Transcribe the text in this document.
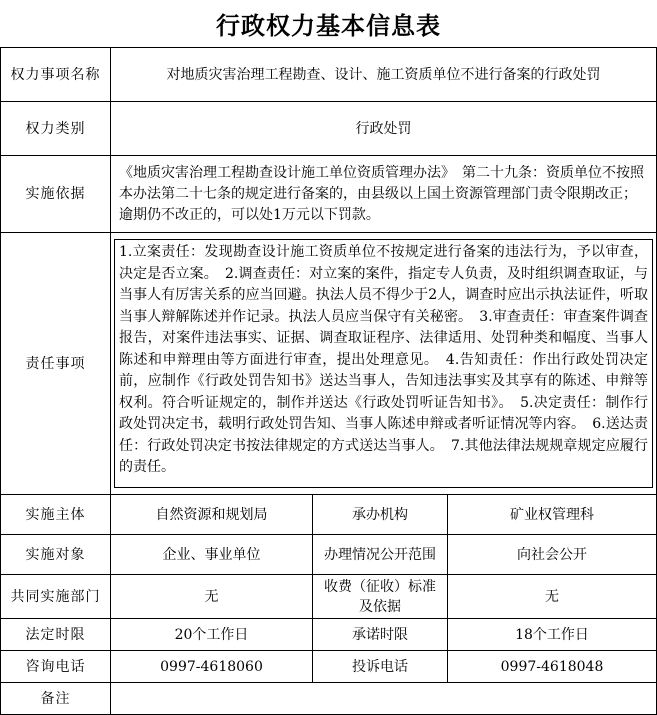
行政权力基本信息表
权力事项名称	对地质灾害治理工程勘查、设计、施工资质单位不进行备案的行政处罚		
权力类别	行政处罚		
实施依据	《地质灾害治理工程勘查设计施工单位资质管理办法》　第二十九条：资质单位不按照本办法第二十七条的规定进行备案的，由县级以上国土资源管理部门责令限期改正；逾期仍不改正的，可以处1万元以下罚款。		
责任事项	1.立案责任：发现勘查设计施工资质单位不按规定进行备案的违法行为，予以审查，决定是否立案。　2.调查责任：对立案的案件，指定专人负责，及时组织调查取证，与当事人有厉害关系的应当回避。执法人员不得少于2人，调查时应出示执法证件，听取当事人辩解陈述并作记录。执法人员应当保守有关秘密。　3.审查责任：审查案件调查报告，对案件违法事实、证据、调查取证程序、法律适用、处罚种类和幅度、当事人陈述和申辩理由等方面进行审查，提出处理意见。　4.告知责任：作出行政处罚决定前，应制作《行政处罚告知书》送达当事人，告知违法事实及其享有的陈述、申辩等权利。符合听证规定的，制作并送达《行政处罚听证告知书》。　5.决定责任：制作行政处罚决定书，载明行政处罚告知、当事人陈述申辩或者听证情况等内容。　6.送达责任：行政处罚决定书按法律规定的方式送达当事人。　7.其他法律法规规章规定应履行的责任。		

实施主体	自然资源和规划局	承办机构	矿业权管理科
实施对象	企业、事业单位	办理情况公开范围	向社会公开
共同实施部门	无	收费（征收）标准及依据	无
法定时限	20个工作日	承诺时限	18个工作日
咨询电话	0997-4618060	投诉电话	0997-4618048
备注			
